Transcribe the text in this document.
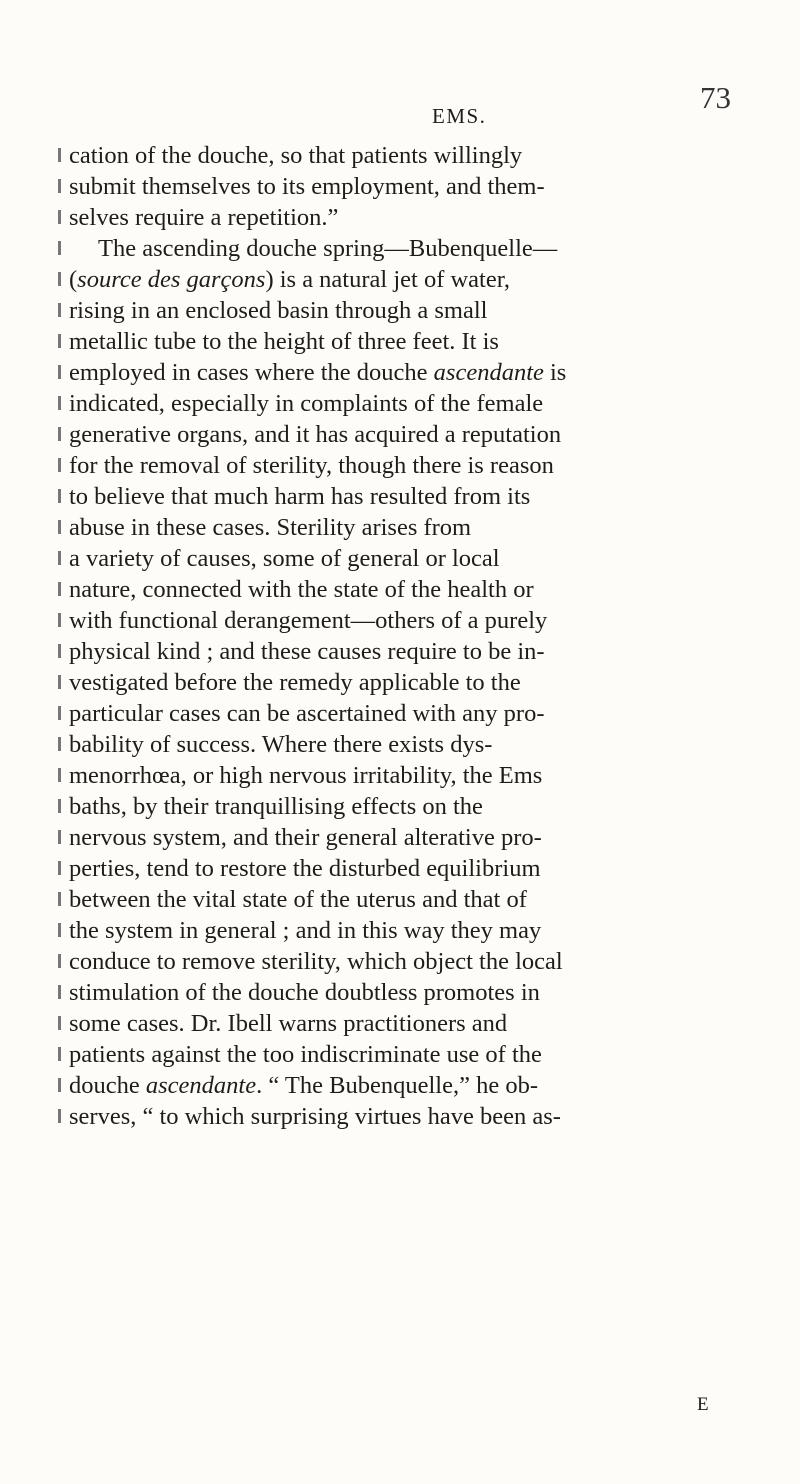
EMS.
73
cation of the douche, so that patients willingly
submit themselves to its employment, and them-
selves require a repetition.”
The ascending douche spring—Bubenquelle—
(source des garçons) is a natural jet of water,
rising in an enclosed basin through a small
metallic tube to the height of three feet. It is
employed in cases where the douche ascendante is
indicated, especially in complaints of the female
generative organs, and it has acquired a reputation
for the removal of sterility, though there is reason
to believe that much harm has resulted from its
abuse in these cases. Sterility arises from
a variety of causes, some of general or local
nature, connected with the state of the health or
with functional derangement—others of a purely
physical kind ; and these causes require to be in-
vestigated before the remedy applicable to the
particular cases can be ascertained with any pro-
bability of success. Where there exists dys-
menorrhœa, or high nervous irritability, the Ems
baths, by their tranquillising effects on the
nervous system, and their general alterative pro-
perties, tend to restore the disturbed equilibrium
between the vital state of the uterus and that of
the system in general ; and in this way they may
conduce to remove sterility, which object the local
stimulation of the douche doubtless promotes in
some cases. Dr. Ibell warns practitioners and
patients against the too indiscriminate use of the
douche ascendante. “ The Bubenquelle,” he ob-
serves, “ to which surprising virtues have been as-
E
